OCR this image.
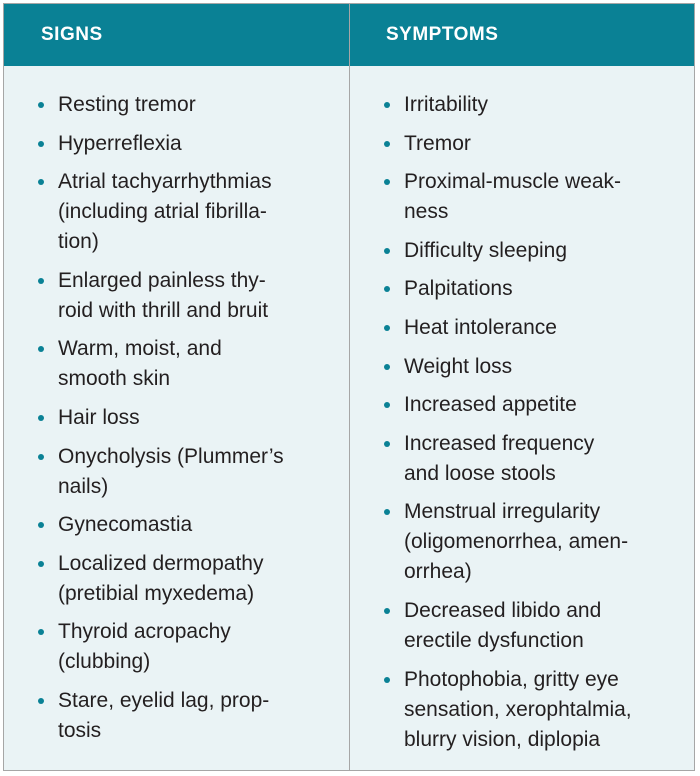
SIGNS	SYMPTOMS
Resting tremor
Hyperreflexia
Atrial tachyarrhythmias
(including atrial fibrilla-
tion)
Enlarged painless thy-
roid with thrill and bruit
Warm, moist, and
smooth skin
Hair loss
Onycholysis (Plummer’s
nails)
Gynecomastia
Localized dermopathy
(pretibial myxedema)
Thyroid acropachy
(clubbing)
Stare, eyelid lag, prop-
tosis
Irritability
Tremor
Proximal-muscle weak-
ness
Difficulty sleeping
Palpitations
Heat intolerance
Weight loss
Increased appetite
Increased frequency
and loose stools
Menstrual irregularity
(oligomenorrhea, amen-
orrhea)
Decreased libido and
erectile dysfunction
Photophobia, gritty eye
sensation, xerophtalmia,
blurry vision, diplopia
